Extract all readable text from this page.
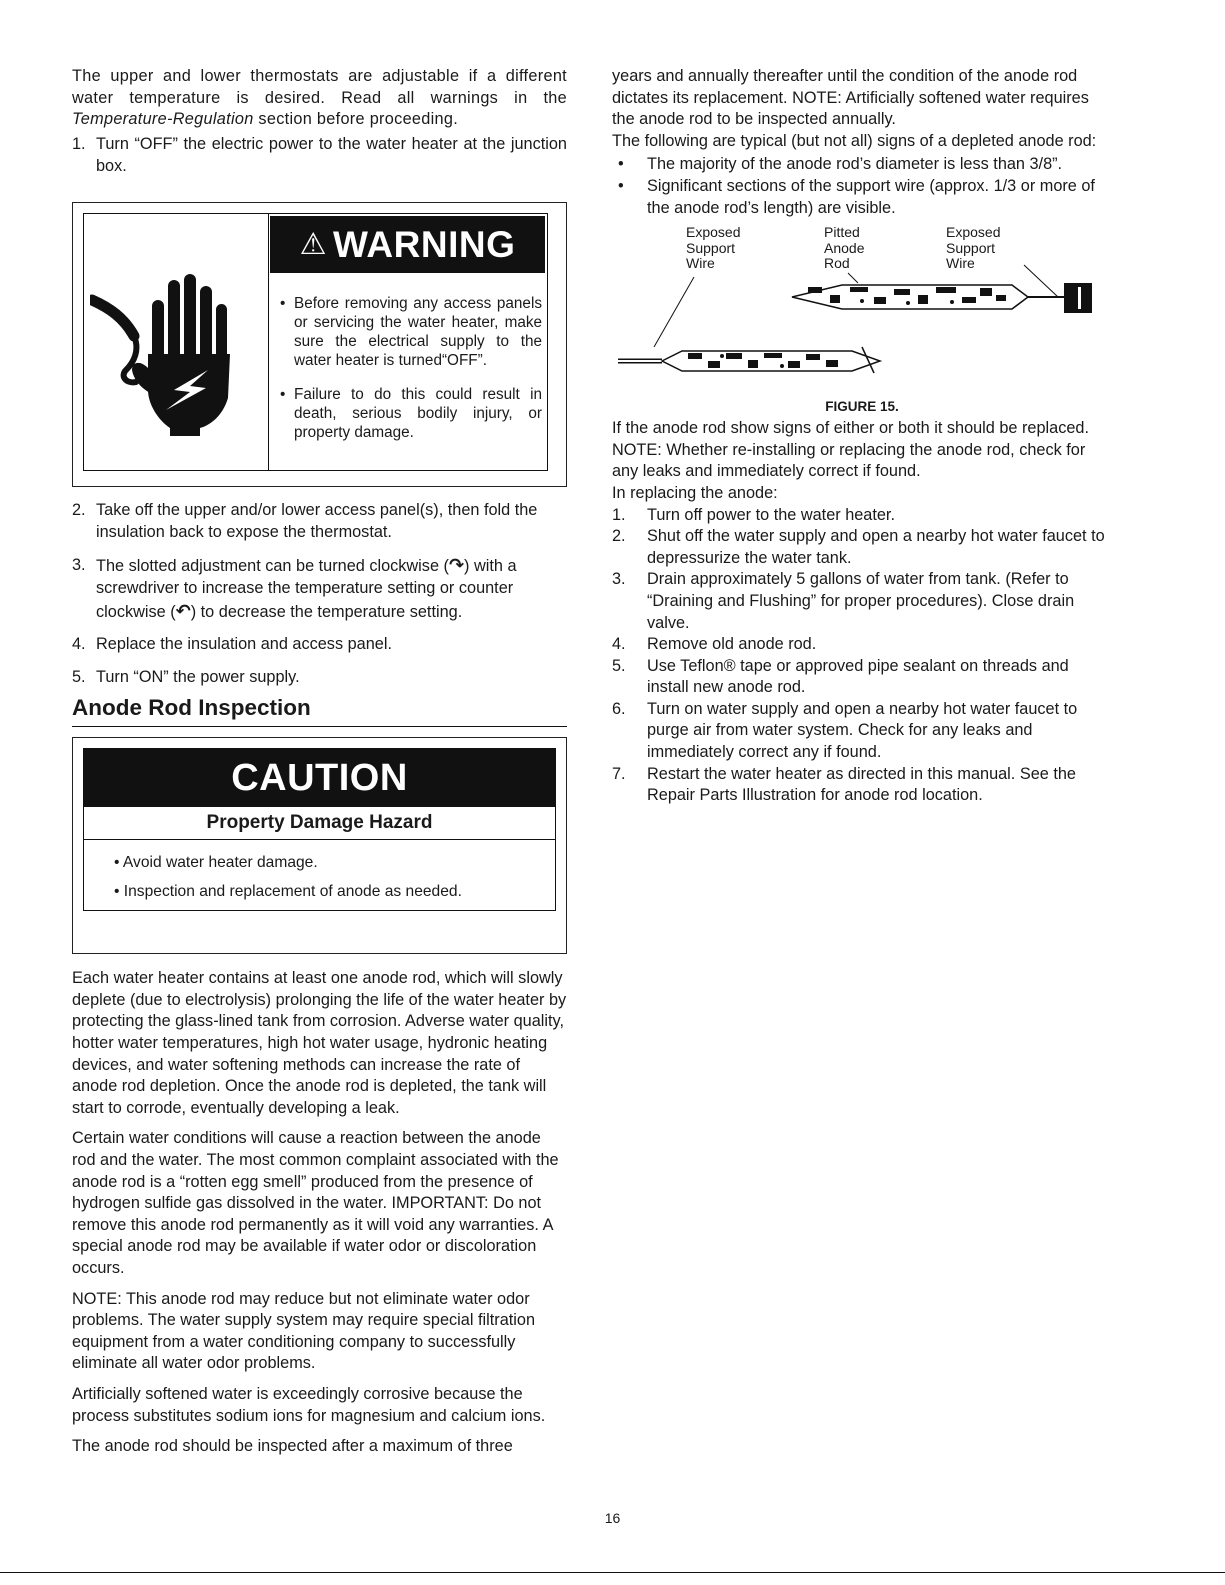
The upper and lower thermostats are adjustable if a different water temperature is desired. Read all warnings in the Temperature-Regulation section before proceeding.

1. Turn “OFF” the electric power to the water heater at the junction box.
⚠ WARNING
• Before removing any access panels or servicing the water heater, make sure the electrical supply to the water heater is turned“OFF”.
• Failure to do this could result in death, serious bodily injury, or property damage.
2. Take off the upper and/or lower access panel(s), then fold the insulation back to expose the thermostat.
3. The slotted adjustment can be turned clockwise (↷) with a screwdriver to increase the temperature setting or counter clockwise (↶) to decrease the temperature setting.
4. Replace the insulation and access panel.
5. Turn “ON” the power supply.
Anode Rod Inspection
CAUTION
Property Damage Hazard
• Avoid water heater damage.
• Inspection and replacement of anode as needed.

Each water heater contains at least one anode rod, which will slowly deplete (due to electrolysis) prolonging the life of the water heater by protecting the glass-lined tank from corrosion. Adverse water quality, hotter water temperatures, high hot water usage, hydronic heating devices, and water softening methods can increase the rate of anode rod depletion. Once the anode rod is depleted, the tank will start to corrode, eventually developing a leak.

Certain water conditions will cause a reaction between the anode rod and the water. The most common complaint associated with the anode rod is a “rotten egg smell” produced from the presence of hydrogen sulfide gas dissolved in the water. IMPORTANT: Do not remove this anode rod permanently as it will void any warranties. A special anode rod may be available if water odor or discoloration occurs.

NOTE: This anode rod may reduce but not eliminate water odor problems. The water supply system may require special filtration equipment from a water conditioning company to successfully eliminate all water odor problems.

Artificially softened water is exceedingly corrosive because the process substitutes sodium ions for magnesium and calcium ions.

The anode rod should be inspected after a maximum of three

years and annually thereafter until the condition of the anode rod dictates its replacement. NOTE: Artificially softened water requires the anode rod to be inspected annually.

The following are typical (but not all) signs of a depleted anode rod:

• The majority of the anode rod’s diameter is less than 3/8”.
• Significant sections of the support wire (approx. 1/3 or more of the anode rod’s length) are visible.
Exposed
Support
Wire
Pitted
Anode
Rod
Exposed
Support
Wire
FIGURE 15.

If the anode rod show signs of either or both it should be replaced. NOTE: Whether re-installing or replacing the anode rod, check for any leaks and immediately correct if found.

In replacing the anode:

1. Turn off power to the water heater.
2. Shut off the water supply and open a nearby hot water faucet to depressurize the water tank.
3. Drain approximately 5 gallons of water from tank. (Refer to “Draining and Flushing” for proper procedures). Close drain valve.
4. Remove old anode rod.
5. Use Teflon® tape or approved pipe sealant on threads and install new anode rod.
6. Turn on water supply and open a nearby hot water faucet to purge air from water system. Check for any leaks and immediately correct any if found.
7. Restart the water heater as directed in this manual. See the Repair Parts Illustration for anode rod location.
16
